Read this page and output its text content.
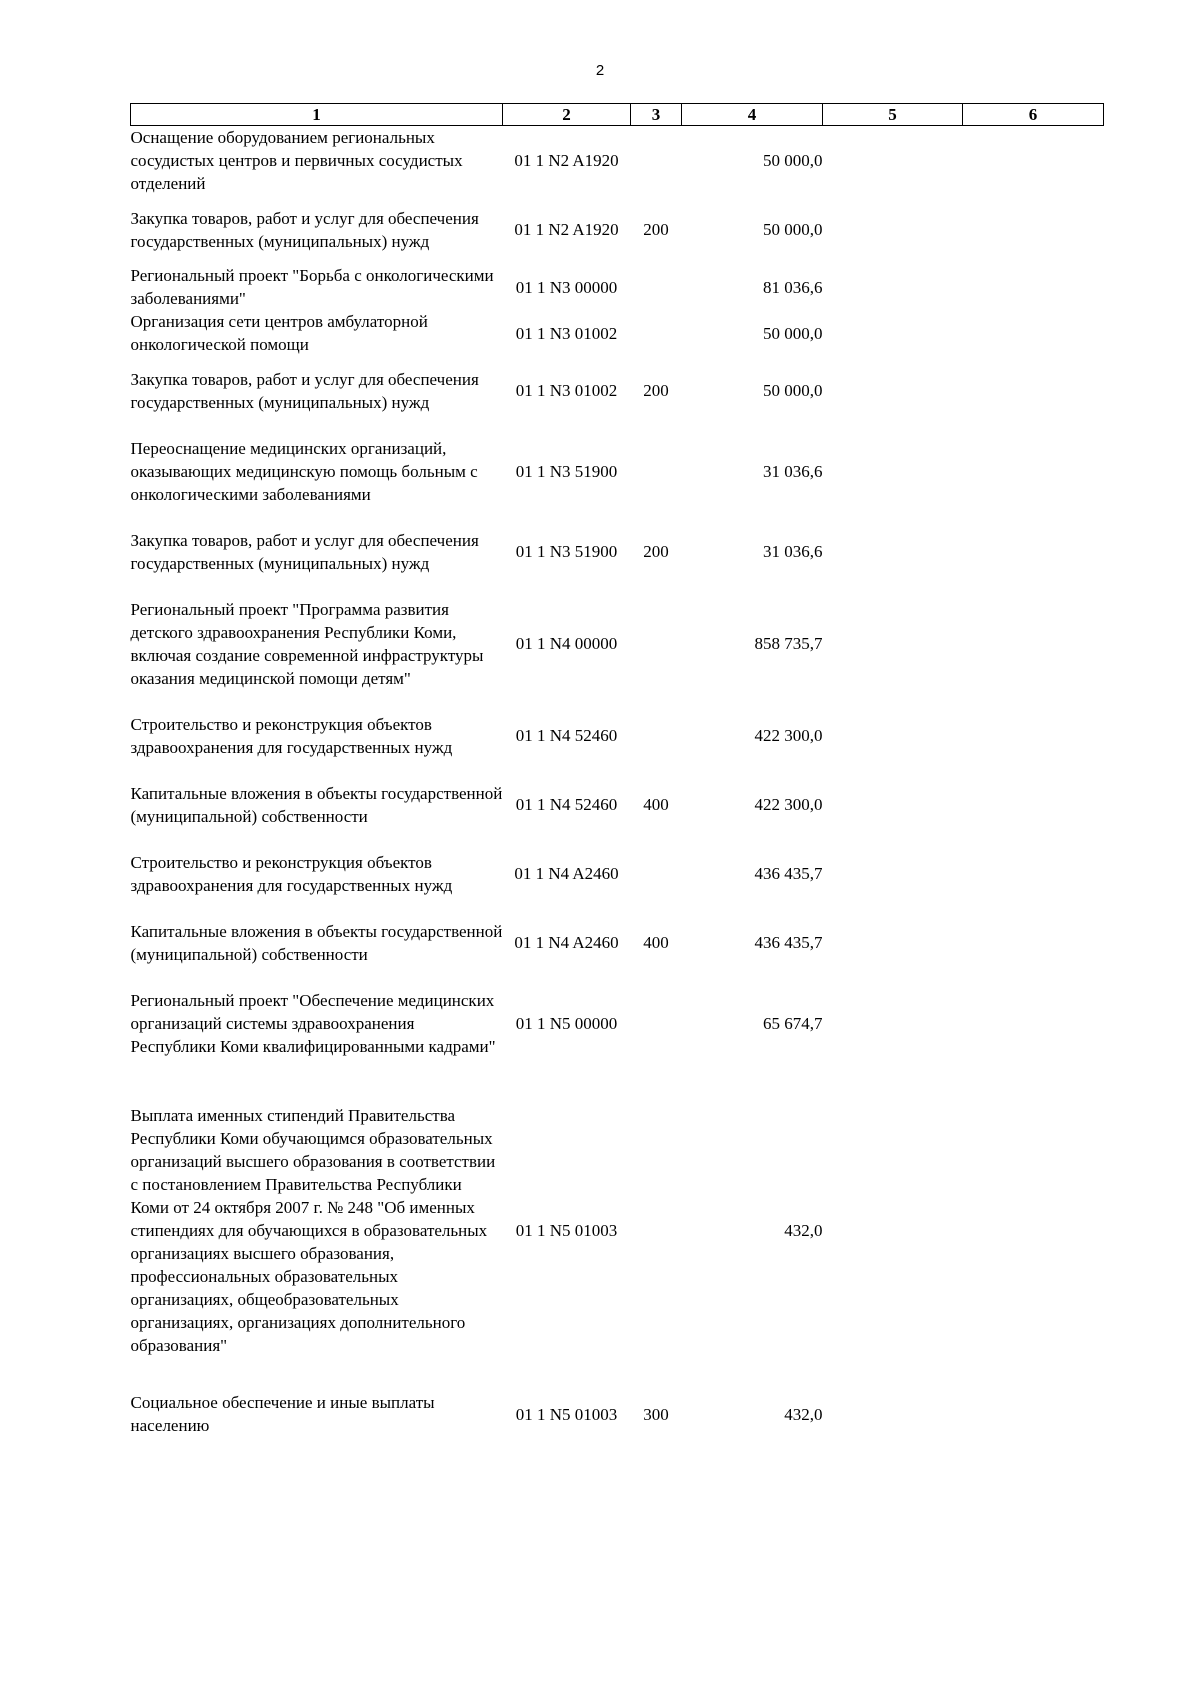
2
1	2	3	4	5	6
Оснащение оборудованием региональных сосудистых центров и первичных сосудистых отделений	01 1 N2 A1920		50 000,0		
Закупка товаров, работ и услуг для обеспечения государственных (муниципальных) нужд	01 1 N2 A1920	200	50 000,0		
Региональный проект "Борьба с онкологическими заболеваниями"	01 1 N3 00000		81 036,6		
Организация сети центров амбулаторной онкологической помощи	01 1 N3 01002		50 000,0		
Закупка товаров, работ и услуг для обеспечения государственных (муниципальных) нужд	01 1 N3 01002	200	50 000,0		
Переоснащение медицинских организаций, оказывающих медицинскую помощь больным с онкологическими заболеваниями	01 1 N3 51900		31 036,6		
Закупка товаров, работ и услуг для обеспечения государственных (муниципальных) нужд	01 1 N3 51900	200	31 036,6		
Региональный проект "Программа развития детского здравоохранения Республики Коми, включая создание современной инфраструктуры оказания медицинской помощи детям"	01 1 N4 00000		858 735,7		
Строительство и реконструкция объектов здравоохранения для государственных нужд	01 1 N4 52460		422 300,0		
Капитальные вложения в объекты государственной (муниципальной) собственности	01 1 N4 52460	400	422 300,0		
Строительство и реконструкция объектов здравоохранения для государственных нужд	01 1 N4 A2460		436 435,7		
Капитальные вложения в объекты государственной (муниципальной) собственности	01 1 N4 A2460	400	436 435,7		
Региональный проект "Обеспечение медицинских организаций системы здравоохранения Республики Коми квалифицированными кадрами"	01 1 N5 00000		65 674,7		
Выплата именных стипендий Правительства Республики Коми обучающимся образовательных организаций высшего образования в соответствии с постановлением Правительства Республики Коми от 24 октября 2007 г. № 248 "Об именных стипендиях для обучающихся в образовательных организациях высшего образования, профессиональных образовательных организациях, общеобразовательных организациях, организациях дополнительного образования"	01 1 N5 01003		432,0		
Социальное обеспечение и иные выплаты населению	01 1 N5 01003	300	432,0		
